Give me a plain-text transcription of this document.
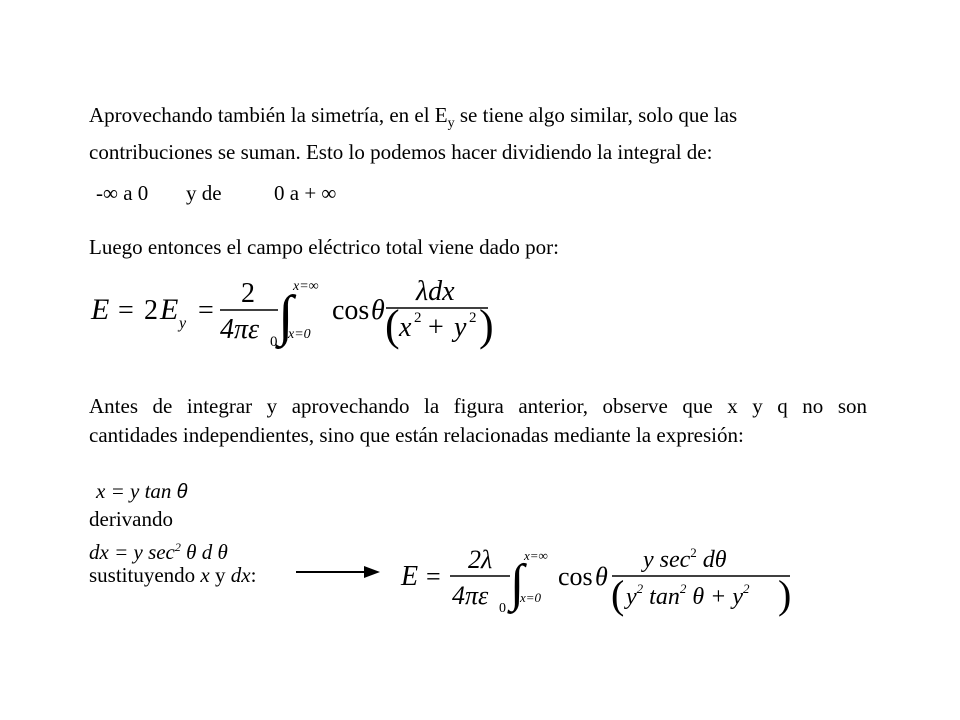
Aprovechando también la simetría, en el $E_y$ se tiene algo similar, solo que las
contribuciones se suman. Esto lo podemos hacer dividiendo la integral de:
-∞ a 0 y de 0 a + ∞
Luego entonces el campo eléctrico total viene dado por:
E = 2 E y =
2
4πε 0 ∫ x=∞
x=0
cos θ
λdx
( x 2 + y 2 )
Antes de integrar y aprovechando la figura anterior, observe que x y q no son
cantidades independientes, sino que están relacionadas mediante la expresión:
x = y tan θ
derivando
dx = y $\sec^2 \theta$ d θ
sustituyendo x y dx:	E =
2λ
4πε 0 ∫ x=∞
x=0
cos θ
y $\sec^2 d\theta$
( $y^2$ $\tan^2 \theta + y^2$ )
